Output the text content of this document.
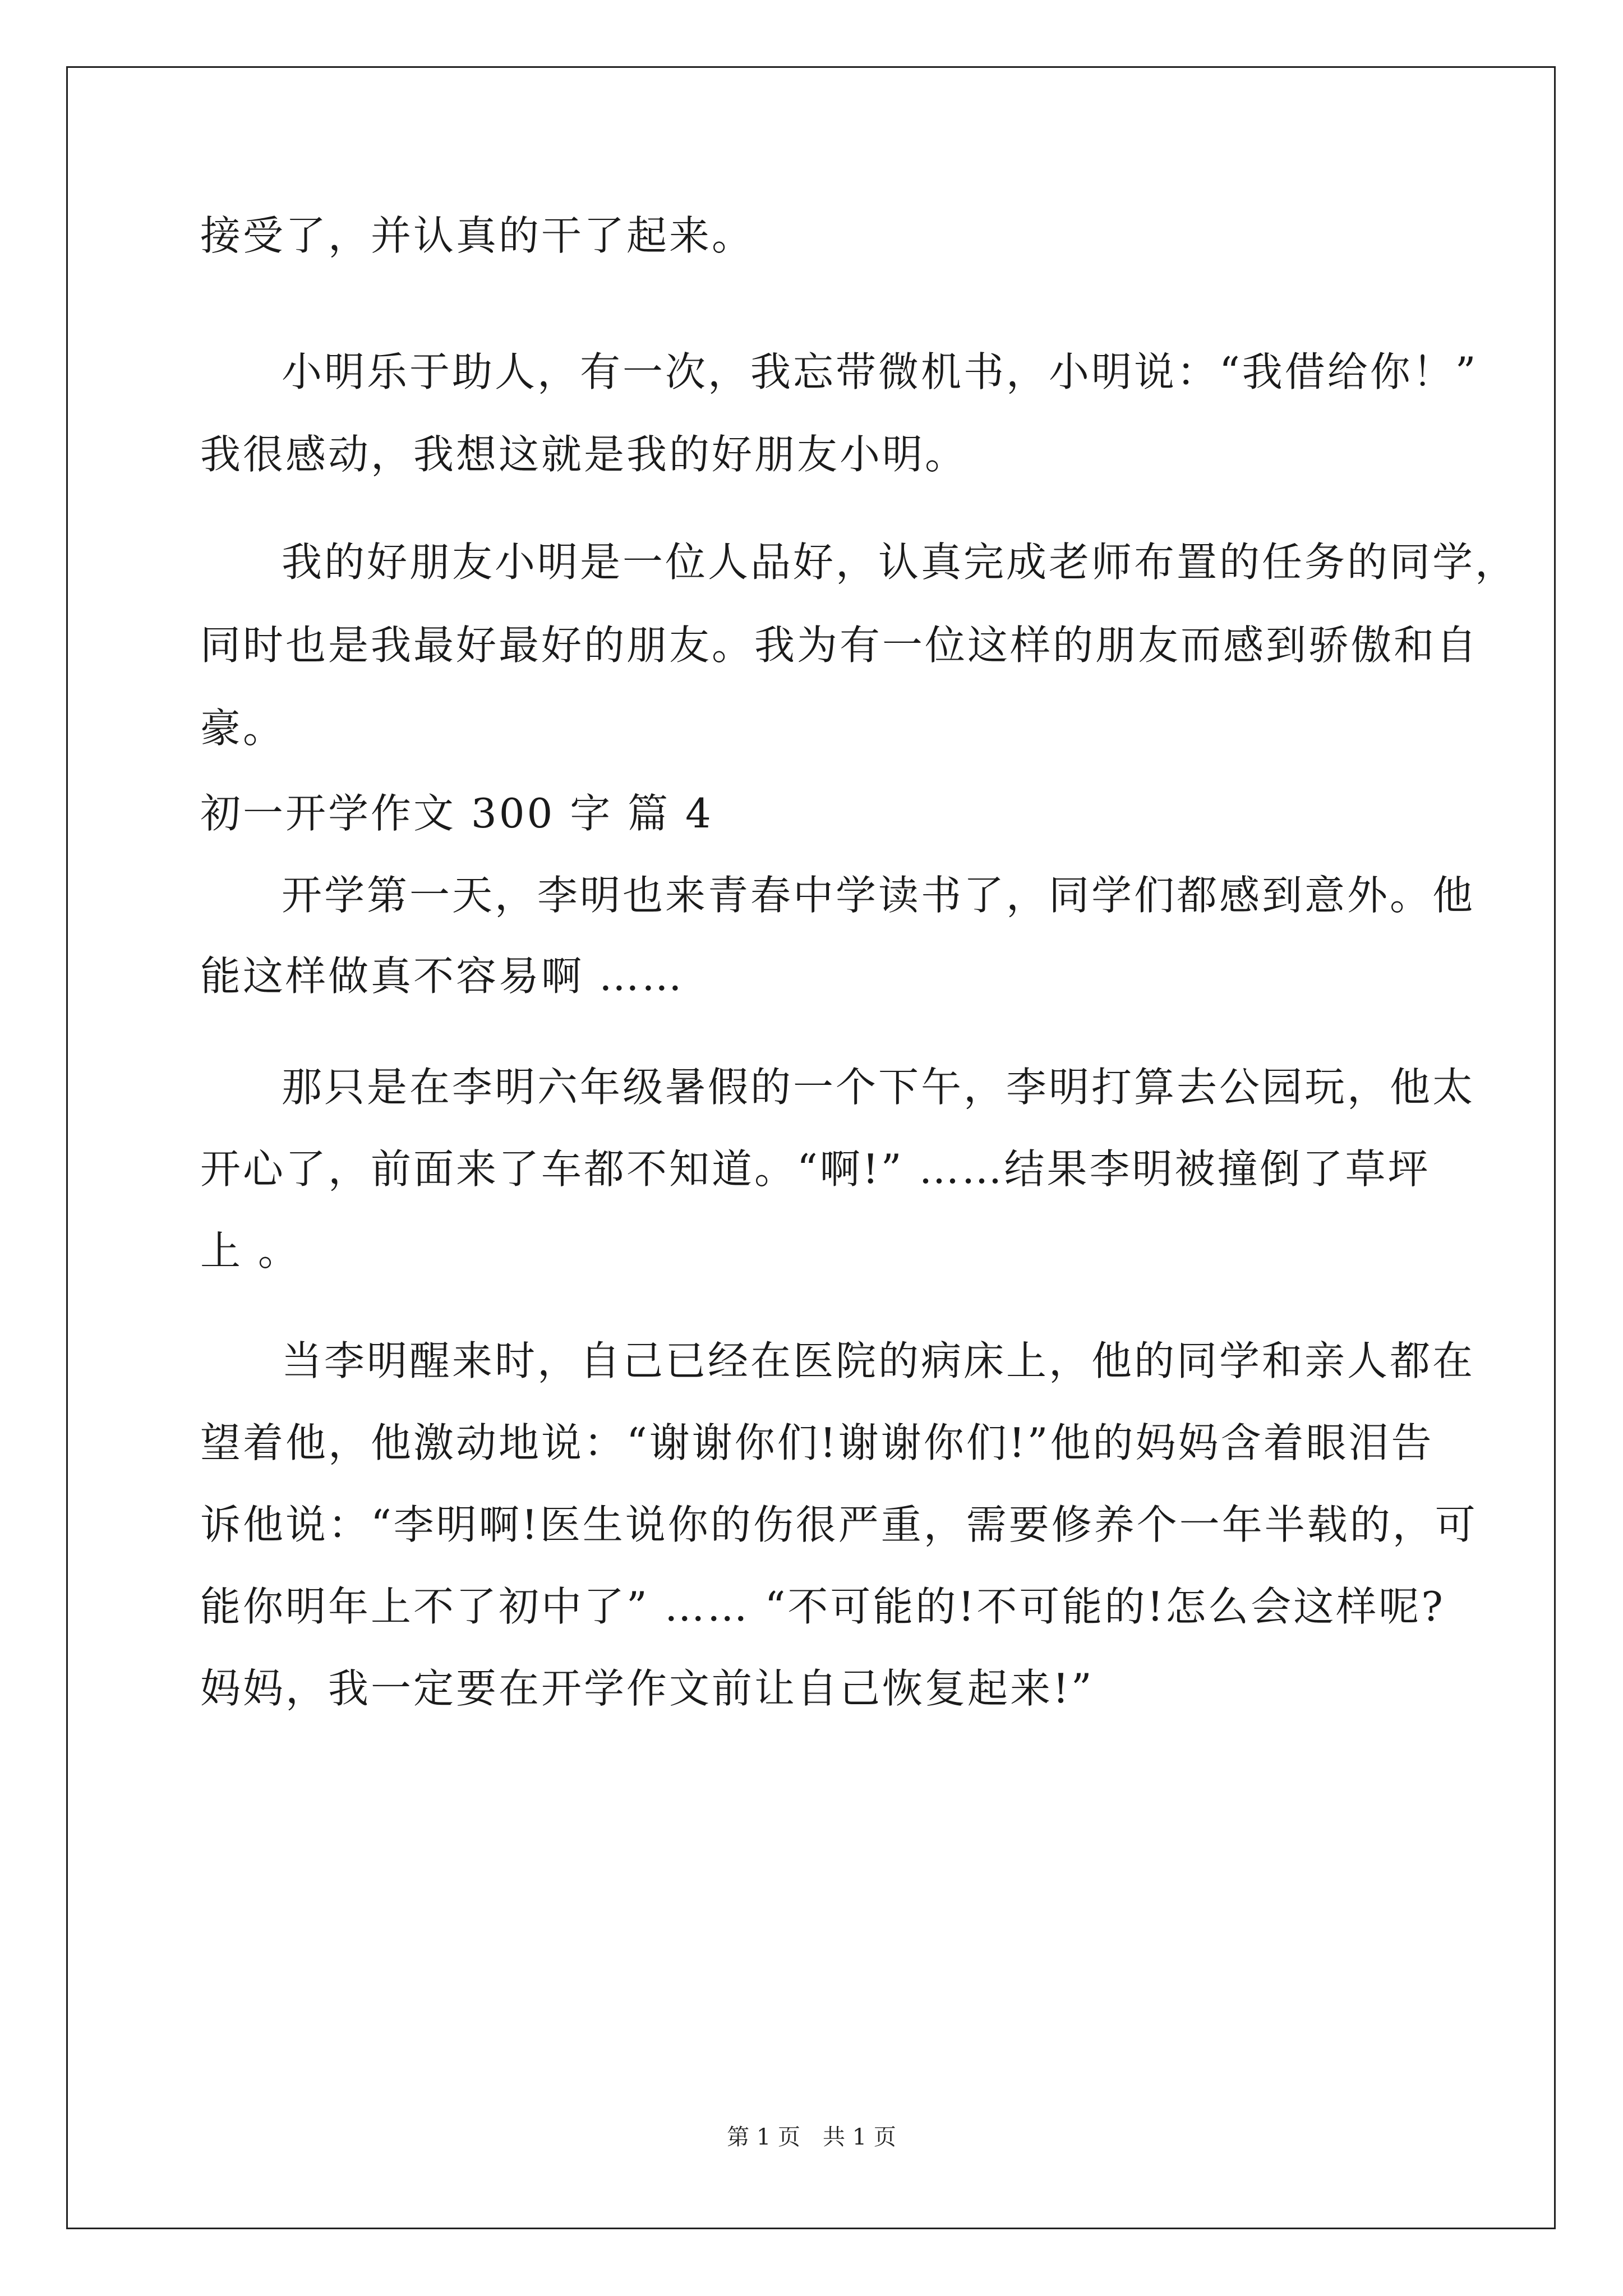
接受了，并认真的干了起来。
小明乐于助人，有一次，我忘带微机书，小明说：“我借给你！”
我很感动，我想这就是我的好朋友小明。
我的好朋友小明是一位人品好，认真完成老师布置的任务的同学，
同时也是我最好最好的朋友。我为有一位这样的朋友而感到骄傲和自
豪。
初一开学作文 300 字 篇 4
开学第一天，李明也来青春中学读书了，同学们都感到意外。他
能这样做真不容易啊 ……
那只是在李明六年级暑假的一个下午，李明打算去公园玩，他太
开心了，前面来了车都不知道。“啊!” ……结果李明被撞倒了草坪
上 。
当李明醒来时，自己已经在医院的病床上，他的同学和亲人都在
望着他，他激动地说：“谢谢你们!谢谢你们!”他的妈妈含着眼泪告
诉他说：“李明啊!医生说你的伤很严重，需要修养个一年半载的，可
能你明年上不了初中了” …… “不可能的!不可能的!怎么会这样呢?
妈妈，我一定要在开学作文前让自己恢复起来!”
第 1 页　共 1 页
